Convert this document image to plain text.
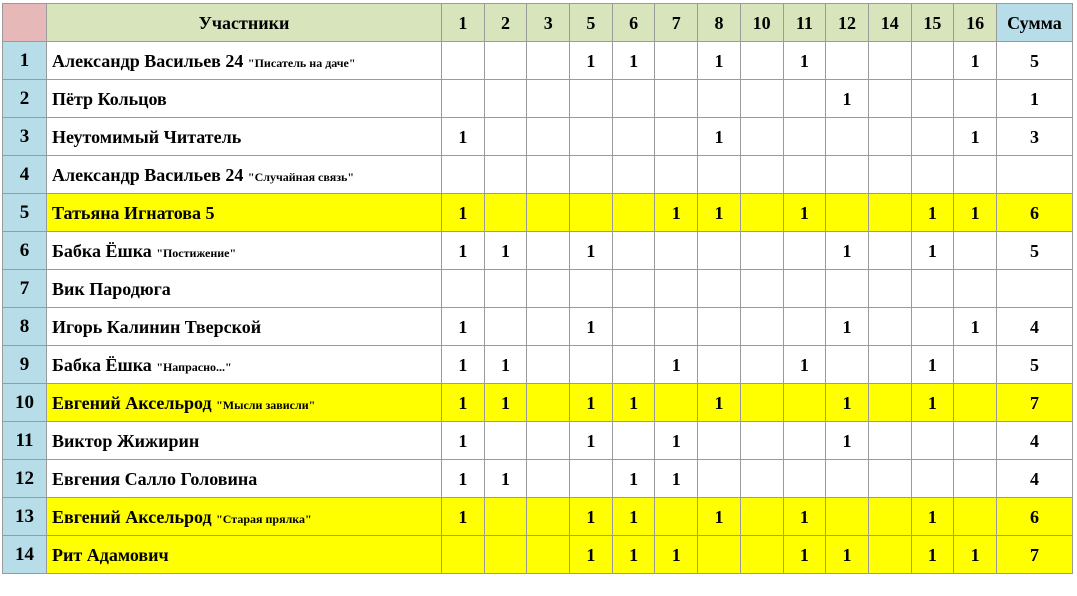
	Участники	1	2	3	5	6	7	8	10	11	12	14	15	16	Сумма
1	Александр Васильев 24 "Писатель на даче"				1	1		1		1				1	5
2	Пётр Кольцов										1				1
3	Неутомимый Читатель	1						1						1	3
4	Александр Васильев 24 "Случайная связь"														
5	Татьяна Игнатова 5	1					1	1		1			1	1	6
6	Бабка Ёшка "Постижение"	1	1		1						1		1		5
7	Вик Пародюга														
8	Игорь Калинин Тверской	1			1						1			1	4
9	Бабка Ёшка "Напрасно..."	1	1				1			1			1		5
10	Евгений Аксельрод "Мысли зависли"	1	1		1	1		1			1		1		7
11	Виктор Жижирин	1			1		1				1				4
12	Евгения Салло Головина	1	1			1	1								4
13	Евгений Аксельрод "Старая прялка"	1			1	1		1		1			1		6
14	Рит Адамович				1	1	1			1	1		1	1	7
